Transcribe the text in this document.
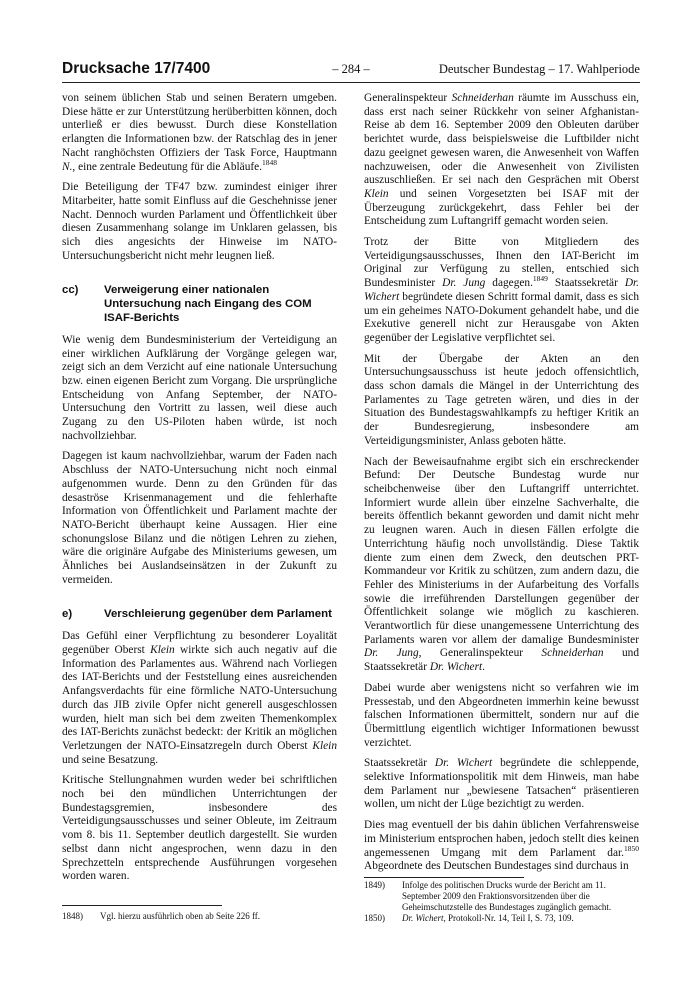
Drucksache 17/7400	– 284 –	Deutscher Bundestag – 17. Wahlperiode

von seinem üblichen Stab und seinen Beratern umgeben. Diese hätte er zur Unterstützung herüberbitten können, doch unterließ er dies bewusst. Durch diese Konstellation erlangten die Informationen bzw. der Ratschlag des in jener Nacht ranghöchsten Offiziers der Task Force, Hauptmann N., eine zentrale Bedeutung für die Abläufe.$^{1848}$

Die Beteiligung der TF47 bzw. zumindest einiger ihrer Mitarbeiter, hatte somit Einfluss auf die Geschehnisse jener Nacht. Dennoch wurden Parlament und Öffentlichkeit über diesen Zusammenhang solange im Unklaren gelassen, bis sich dies angesichts der Hinweise im NATO-Untersuchungsbericht nicht mehr leugnen ließ.

cc)	Verweigerung einer nationalen Untersuchung nach Eingang des COM ISAF-Berichts

Wie wenig dem Bundesministerium der Verteidigung an einer wirklichen Aufklärung der Vorgänge gelegen war, zeigt sich an dem Verzicht auf eine nationale Untersuchung bzw. einen eigenen Bericht zum Vorgang. Die ursprüngliche Entscheidung von Anfang September, der NATO-Untersuchung den Vortritt zu lassen, weil diese auch Zugang zu den US-Piloten haben würde, ist noch nachvollziehbar.

Dagegen ist kaum nachvollziehbar, warum der Faden nach Abschluss der NATO-Untersuchung nicht noch einmal aufgenommen wurde. Denn zu den Gründen für das desaströse Krisenmanagement und die fehlerhafte Information von Öffentlichkeit und Parlament machte der NATO-Bericht überhaupt keine Aussagen. Hier eine schonungslose Bilanz und die nötigen Lehren zu ziehen, wäre die originäre Aufgabe des Ministeriums gewesen, um Ähnliches bei Auslandseinsätzen in der Zukunft zu vermeiden.

e)	Verschleierung gegenüber dem Parlament

Das Gefühl einer Verpflichtung zu besonderer Loyalität gegenüber Oberst Klein wirkte sich auch negativ auf die Information des Parlamentes aus. Während nach Vorliegen des IAT-Berichts und der Feststellung eines ausreichenden Anfangsverdachts für eine förmliche NATO-Untersuchung durch das JIB zivile Opfer nicht generell ausgeschlossen wurden, hielt man sich bei dem zweiten Themenkomplex des IAT-Berichts zunächst bedeckt: der Kritik an möglichen Verletzungen der NATO-Einsatzregeln durch Oberst Klein und seine Besatzung.

Kritische Stellungnahmen wurden weder bei schriftlichen noch bei den mündlichen Unterrichtungen der Bundestagsgremien, insbesondere des Verteidigungsausschusses und seiner Obleute, im Zeitraum vom 8. bis 11. September deutlich dargestellt. Sie wurden selbst dann nicht angesprochen, wenn dazu in den Sprechzetteln entsprechende Ausführungen vorgesehen worden waren.

1848)	Vgl. hierzu ausführlich oben ab Seite 226 ff.

Generalinspekteur Schneiderhan räumte im Ausschuss ein, dass erst nach seiner Rückkehr von seiner Afghanistan-Reise ab dem 16. September 2009 den Obleuten darüber berichtet wurde, dass beispielsweise die Luftbilder nicht dazu geeignet gewesen waren, die Anwesenheit von Waffen nachzuweisen, oder die Anwesenheit von Zivilisten auszuschließen. Er sei nach den Gesprächen mit Oberst Klein und seinen Vorgesetzten bei ISAF mit der Überzeugung zurückgekehrt, dass Fehler bei der Entscheidung zum Luftangriff gemacht worden seien.

Trotz der Bitte von Mitgliedern des Verteidigungsausschusses, Ihnen den IAT-Bericht im Original zur Verfügung zu stellen, entschied sich Bundesminister Dr. Jung dagegen.$^{1849}$ Staatssekretär Dr. Wichert begründete diesen Schritt formal damit, dass es sich um ein geheimes NATO-Dokument gehandelt habe, und die Exekutive generell nicht zur Herausgabe von Akten gegenüber der Legislative verpflichtet sei.

Mit der Übergabe der Akten an den Untersuchungsausschuss ist heute jedoch offensichtlich, dass schon damals die Mängel in der Unterrichtung des Parlamentes zu Tage getreten wären, und dies in der Situation des Bundestagswahlkampfs zu heftiger Kritik an der Bundesregierung, insbesondere am Verteidigungsminister, Anlass geboten hätte.

Nach der Beweisaufnahme ergibt sich ein erschreckender Befund: Der Deutsche Bundestag wurde nur scheibchenweise über den Luftangriff unterrichtet. Informiert wurde allein über einzelne Sachverhalte, die bereits öffentlich bekannt geworden und damit nicht mehr zu leugnen waren. Auch in diesen Fällen erfolgte die Unterrichtung häufig noch unvollständig. Diese Taktik diente zum einen dem Zweck, den deutschen PRT-Kommandeur vor Kritik zu schützen, zum andern dazu, die Fehler des Ministeriums in der Aufarbeitung des Vorfalls sowie die irreführenden Darstellungen gegenüber der Öffentlichkeit solange wie möglich zu kaschieren. Verantwortlich für diese unangemessene Unterrichtung des Parlaments waren vor allem der damalige Bundesminister Dr. Jung, Generalinspekteur Schneiderhan und Staatssekretär Dr. Wichert.

Dabei wurde aber wenigstens nicht so verfahren wie im Pressestab, und den Abgeordneten immerhin keine bewusst falschen Informationen übermittelt, sondern nur auf die Übermittlung eigentlich wichtiger Informationen bewusst verzichtet.

Staatssekretär Dr. Wichert begründete die schleppende, selektive Informationspolitik mit dem Hinweis, man habe dem Parlament nur „bewiesene Tatsachen“ präsentieren wollen, um nicht der Lüge bezichtigt zu werden.

Dies mag eventuell der bis dahin üblichen Verfahrensweise im Ministerium entsprochen haben, jedoch stellt dies keinen angemessenen Umgang mit dem Parlament dar.$^{1850}$ Abgeordnete des Deutschen Bundestages sind durchaus in

1849)	Infolge des politischen Drucks wurde der Bericht am 11. September 2009 den Fraktionsvorsitzenden über die Geheimschutzstelle des Bundestages zugänglich gemacht.
1850)	Dr. Wichert, Protokoll-Nr. 14, Teil I, S. 73, 109.
